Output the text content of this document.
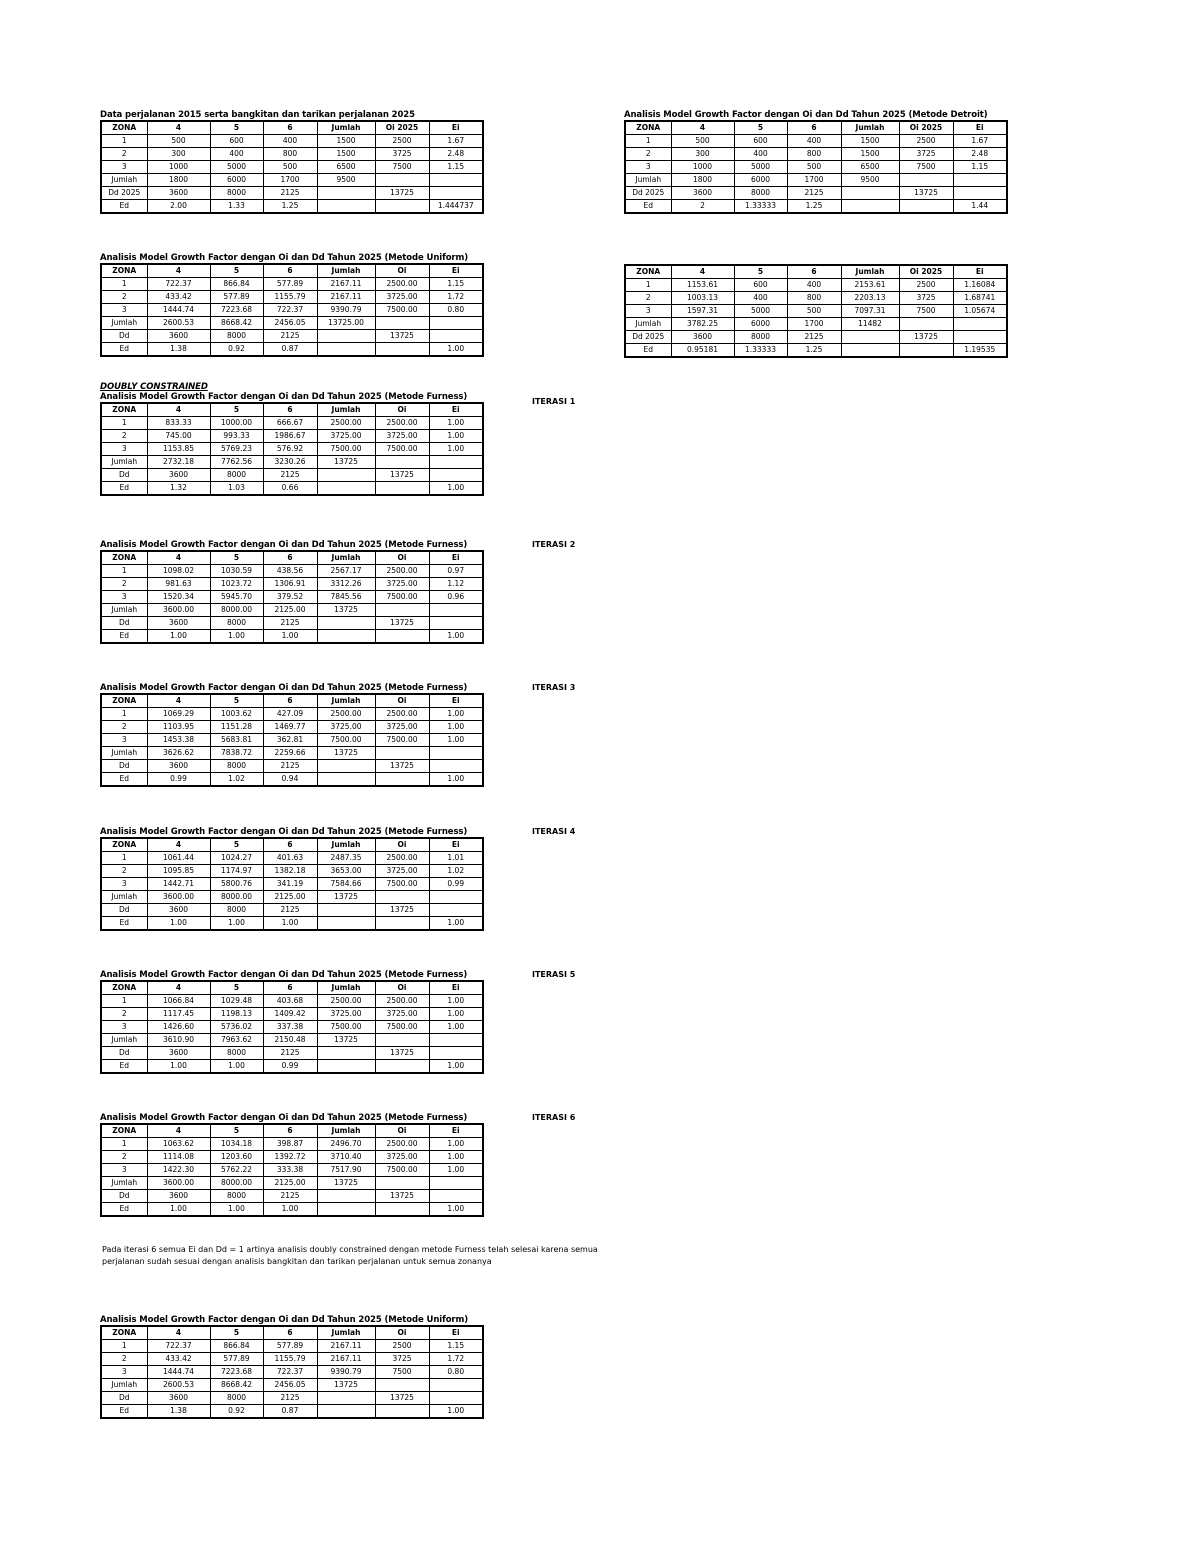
Data perjalanan 2015 serta bangkitan dan tarikan perjalanan 2025
ZONA	4	5	6	Jumlah	Oi 2025	Ei
1	500	600	400	1500	2500	1.67
2	300	400	800	1500	3725	2.48
3	1000	5000	500	6500	7500	1.15
Jumlah	1800	6000	1700	9500		
Dd 2025	3600	8000	2125		13725	
Ed	2.00	1.33	1.25			1.444737
Analisis Model Growth Factor dengan Oi dan Dd Tahun 2025 (Metode Uniform)
ZONA	4	5	6	Jumlah	Oi	Ei
1	722.37	866.84	577.89	2167.11	2500.00	1.15
2	433.42	577.89	1155.79	2167.11	3725.00	1.72
3	1444.74	7223.68	722.37	9390.79	7500.00	0.80
Jumlah	2600.53	8668.42	2456.05	13725.00		
Dd	3600	8000	2125		13725	
Ed	1.38	0.92	0.87			1.00
DOUBLY CONSTRAINED
Analisis Model Growth Factor dengan Oi dan Dd Tahun 2025 (Metode Furness)
ZONA	4	5	6	Jumlah	Oi	Ei
1	833.33	1000.00	666.67	2500.00	2500.00	1.00
2	745.00	993.33	1986.67	3725.00	3725.00	1.00
3	1153.85	5769.23	576.92	7500.00	7500.00	1.00
Jumlah	2732.18	7762.56	3230.26	13725		
Dd	3600	8000	2125		13725	
Ed	1.32	1.03	0.66			1.00
Analisis Model Growth Factor dengan Oi dan Dd Tahun 2025 (Metode Furness)
ZONA	4	5	6	Jumlah	Oi	Ei
1	1098.02	1030.59	438.56	2567.17	2500.00	0.97
2	981.63	1023.72	1306.91	3312.26	3725.00	1.12
3	1520.34	5945.70	379.52	7845.56	7500.00	0.96
Jumlah	3600.00	8000.00	2125.00	13725		
Dd	3600	8000	2125		13725	
Ed	1.00	1.00	1.00			1.00
Analisis Model Growth Factor dengan Oi dan Dd Tahun 2025 (Metode Furness)
ZONA	4	5	6	Jumlah	Oi	Ei
1	1069.29	1003.62	427.09	2500.00	2500.00	1.00
2	1103.95	1151.28	1469.77	3725.00	3725.00	1.00
3	1453.38	5683.81	362.81	7500.00	7500.00	1.00
Jumlah	3626.62	7838.72	2259.66	13725		
Dd	3600	8000	2125		13725	
Ed	0.99	1.02	0.94			1.00
Analisis Model Growth Factor dengan Oi dan Dd Tahun 2025 (Metode Furness)
ZONA	4	5	6	Jumlah	Oi	Ei
1	1061.44	1024.27	401.63	2487.35	2500.00	1.01
2	1095.85	1174.97	1382.18	3653.00	3725.00	1.02
3	1442.71	5800.76	341.19	7584.66	7500.00	0.99
Jumlah	3600.00	8000.00	2125.00	13725		
Dd	3600	8000	2125		13725	
Ed	1.00	1.00	1.00			1.00
Analisis Model Growth Factor dengan Oi dan Dd Tahun 2025 (Metode Furness)
ZONA	4	5	6	Jumlah	Oi	Ei
1	1066.84	1029.48	403.68	2500.00	2500.00	1.00
2	1117.45	1198.13	1409.42	3725.00	3725.00	1.00
3	1426.60	5736.02	337.38	7500.00	7500.00	1.00
Jumlah	3610.90	7963.62	2150.48	13725		
Dd	3600	8000	2125		13725	
Ed	1.00	1.00	0.99			1.00
Analisis Model Growth Factor dengan Oi dan Dd Tahun 2025 (Metode Furness)
ZONA	4	5	6	Jumlah	Oi	Ei
1	1063.62	1034.18	398.87	2496.70	2500.00	1.00
2	1114.08	1203.60	1392.72	3710.40	3725.00	1.00
3	1422.30	5762.22	333.38	7517.90	7500.00	1.00
Jumlah	3600.00	8000.00	2125.00	13725		
Dd	3600	8000	2125		13725	
Ed	1.00	1.00	1.00			1.00
Pada iterasi 6 semua Ei dan Dd = 1 artinya analisis doubly constrained dengan metode Furness telah selesai karena semua perjalanan sudah sesuai dengan analisis bangkitan dan tarikan perjalanan untuk semua zonanya
Analisis Model Growth Factor dengan Oi dan Dd Tahun 2025 (Metode Uniform)
ZONA	4	5	6	Jumlah	Oi	Ei
1	722.37	866.84	577.89	2167.11	2500	1.15
2	433.42	577.89	1155.79	2167.11	3725	1.72
3	1444.74	7223.68	722.37	9390.79	7500	0.80
Jumlah	2600.53	8668.42	2456.05	13725		
Dd	3600	8000	2125		13725	
Ed	1.38	0.92	0.87			1.00
ITERASI 1
ITERASI 2
ITERASI 3
ITERASI 4
ITERASI 5
ITERASI 6
Analisis Model Growth Factor dengan Oi dan Dd Tahun 2025 (Metode Detroit)
ZONA	4	5	6	Jumlah	Oi 2025	Ei
1	500	600	400	1500	2500	1.67
2	300	400	800	1500	3725	2.48
3	1000	5000	500	6500	7500	1.15
Jumlah	1800	6000	1700	9500		
Dd 2025	3600	8000	2125		13725	
Ed	2	1.33333	1.25			1.44
ZONA	4	5	6	Jumlah	Oi 2025	Ei
1	1153.61	600	400	2153.61	2500	1.16084
2	1003.13	400	800	2203.13	3725	1.68741
3	1597.31	5000	500	7097.31	7500	1.05674
Jumlah	3782.25	6000	1700	11482		
Dd 2025	3600	8000	2125		13725	
Ed	0.95181	1.33333	1.25			1.19535
